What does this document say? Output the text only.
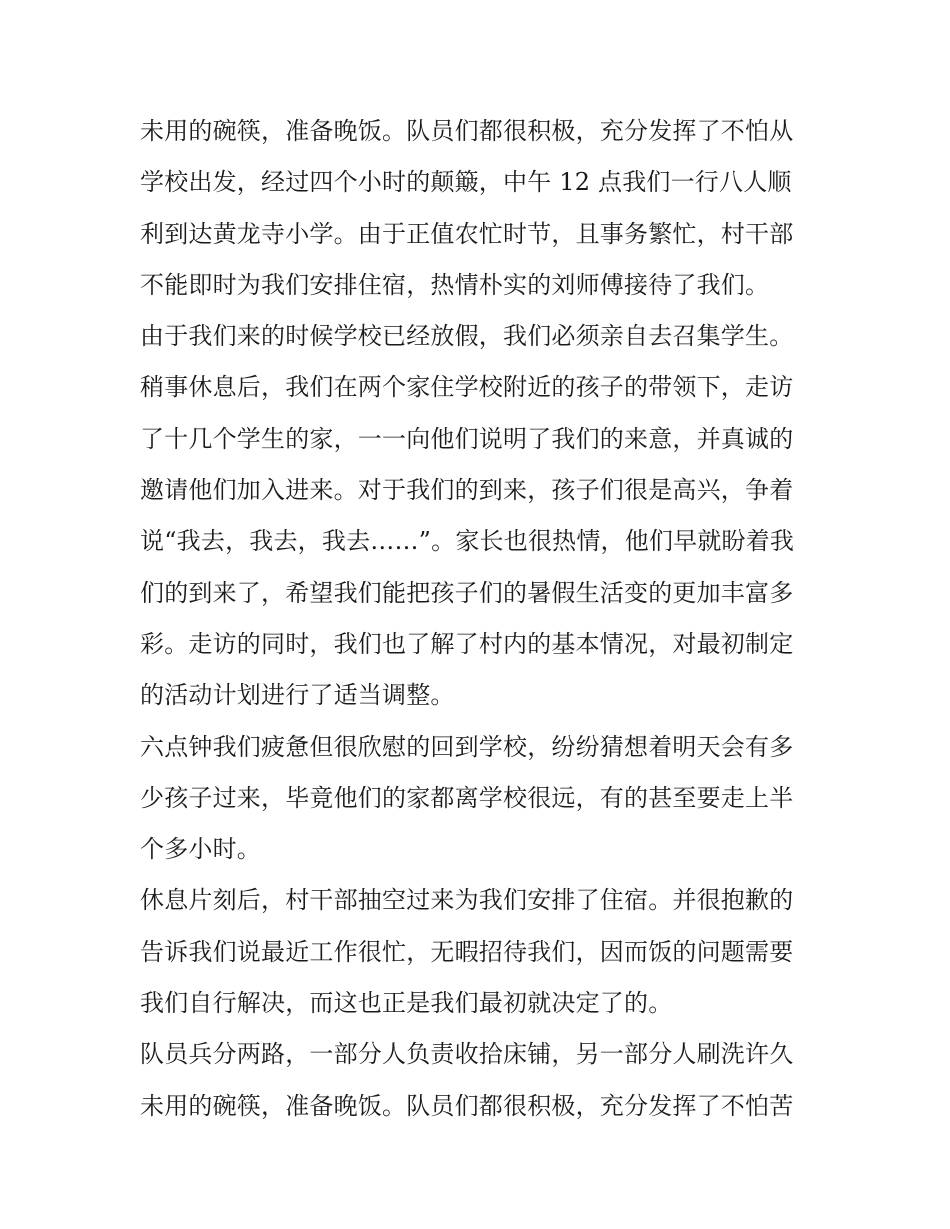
未用的碗筷，准备晚饭。队员们都很积极，充分发挥了不怕从
学校出发，经过四个小时的颠簸，中午 12 点我们一行八人顺
利到达黄龙寺小学。由于正值农忙时节，且事务繁忙，村干部
不能即时为我们安排住宿，热情朴实的刘师傅接待了我们。
由于我们来的时候学校已经放假，我们必须亲自去召集学生。
稍事休息后，我们在两个家住学校附近的孩子的带领下，走访
了十几个学生的家，一一向他们说明了我们的来意，并真诚的
邀请他们加入进来。对于我们的到来，孩子们很是高兴，争着
说“我去，我去，我去……”。家长也很热情，他们早就盼着我
们的到来了，希望我们能把孩子们的暑假生活变的更加丰富多
彩。走访的同时，我们也了解了村内的基本情况，对最初制定
的活动计划进行了适当调整。
六点钟我们疲惫但很欣慰的回到学校，纷纷猜想着明天会有多
少孩子过来，毕竟他们的家都离学校很远，有的甚至要走上半
个多小时。
休息片刻后，村干部抽空过来为我们安排了住宿。并很抱歉的
告诉我们说最近工作很忙，无暇招待我们，因而饭的问题需要
我们自行解决，而这也正是我们最初就决定了的。
队员兵分两路，一部分人负责收拾床铺，另一部分人刷洗许久
未用的碗筷，准备晚饭。队员们都很积极，充分发挥了不怕苦
